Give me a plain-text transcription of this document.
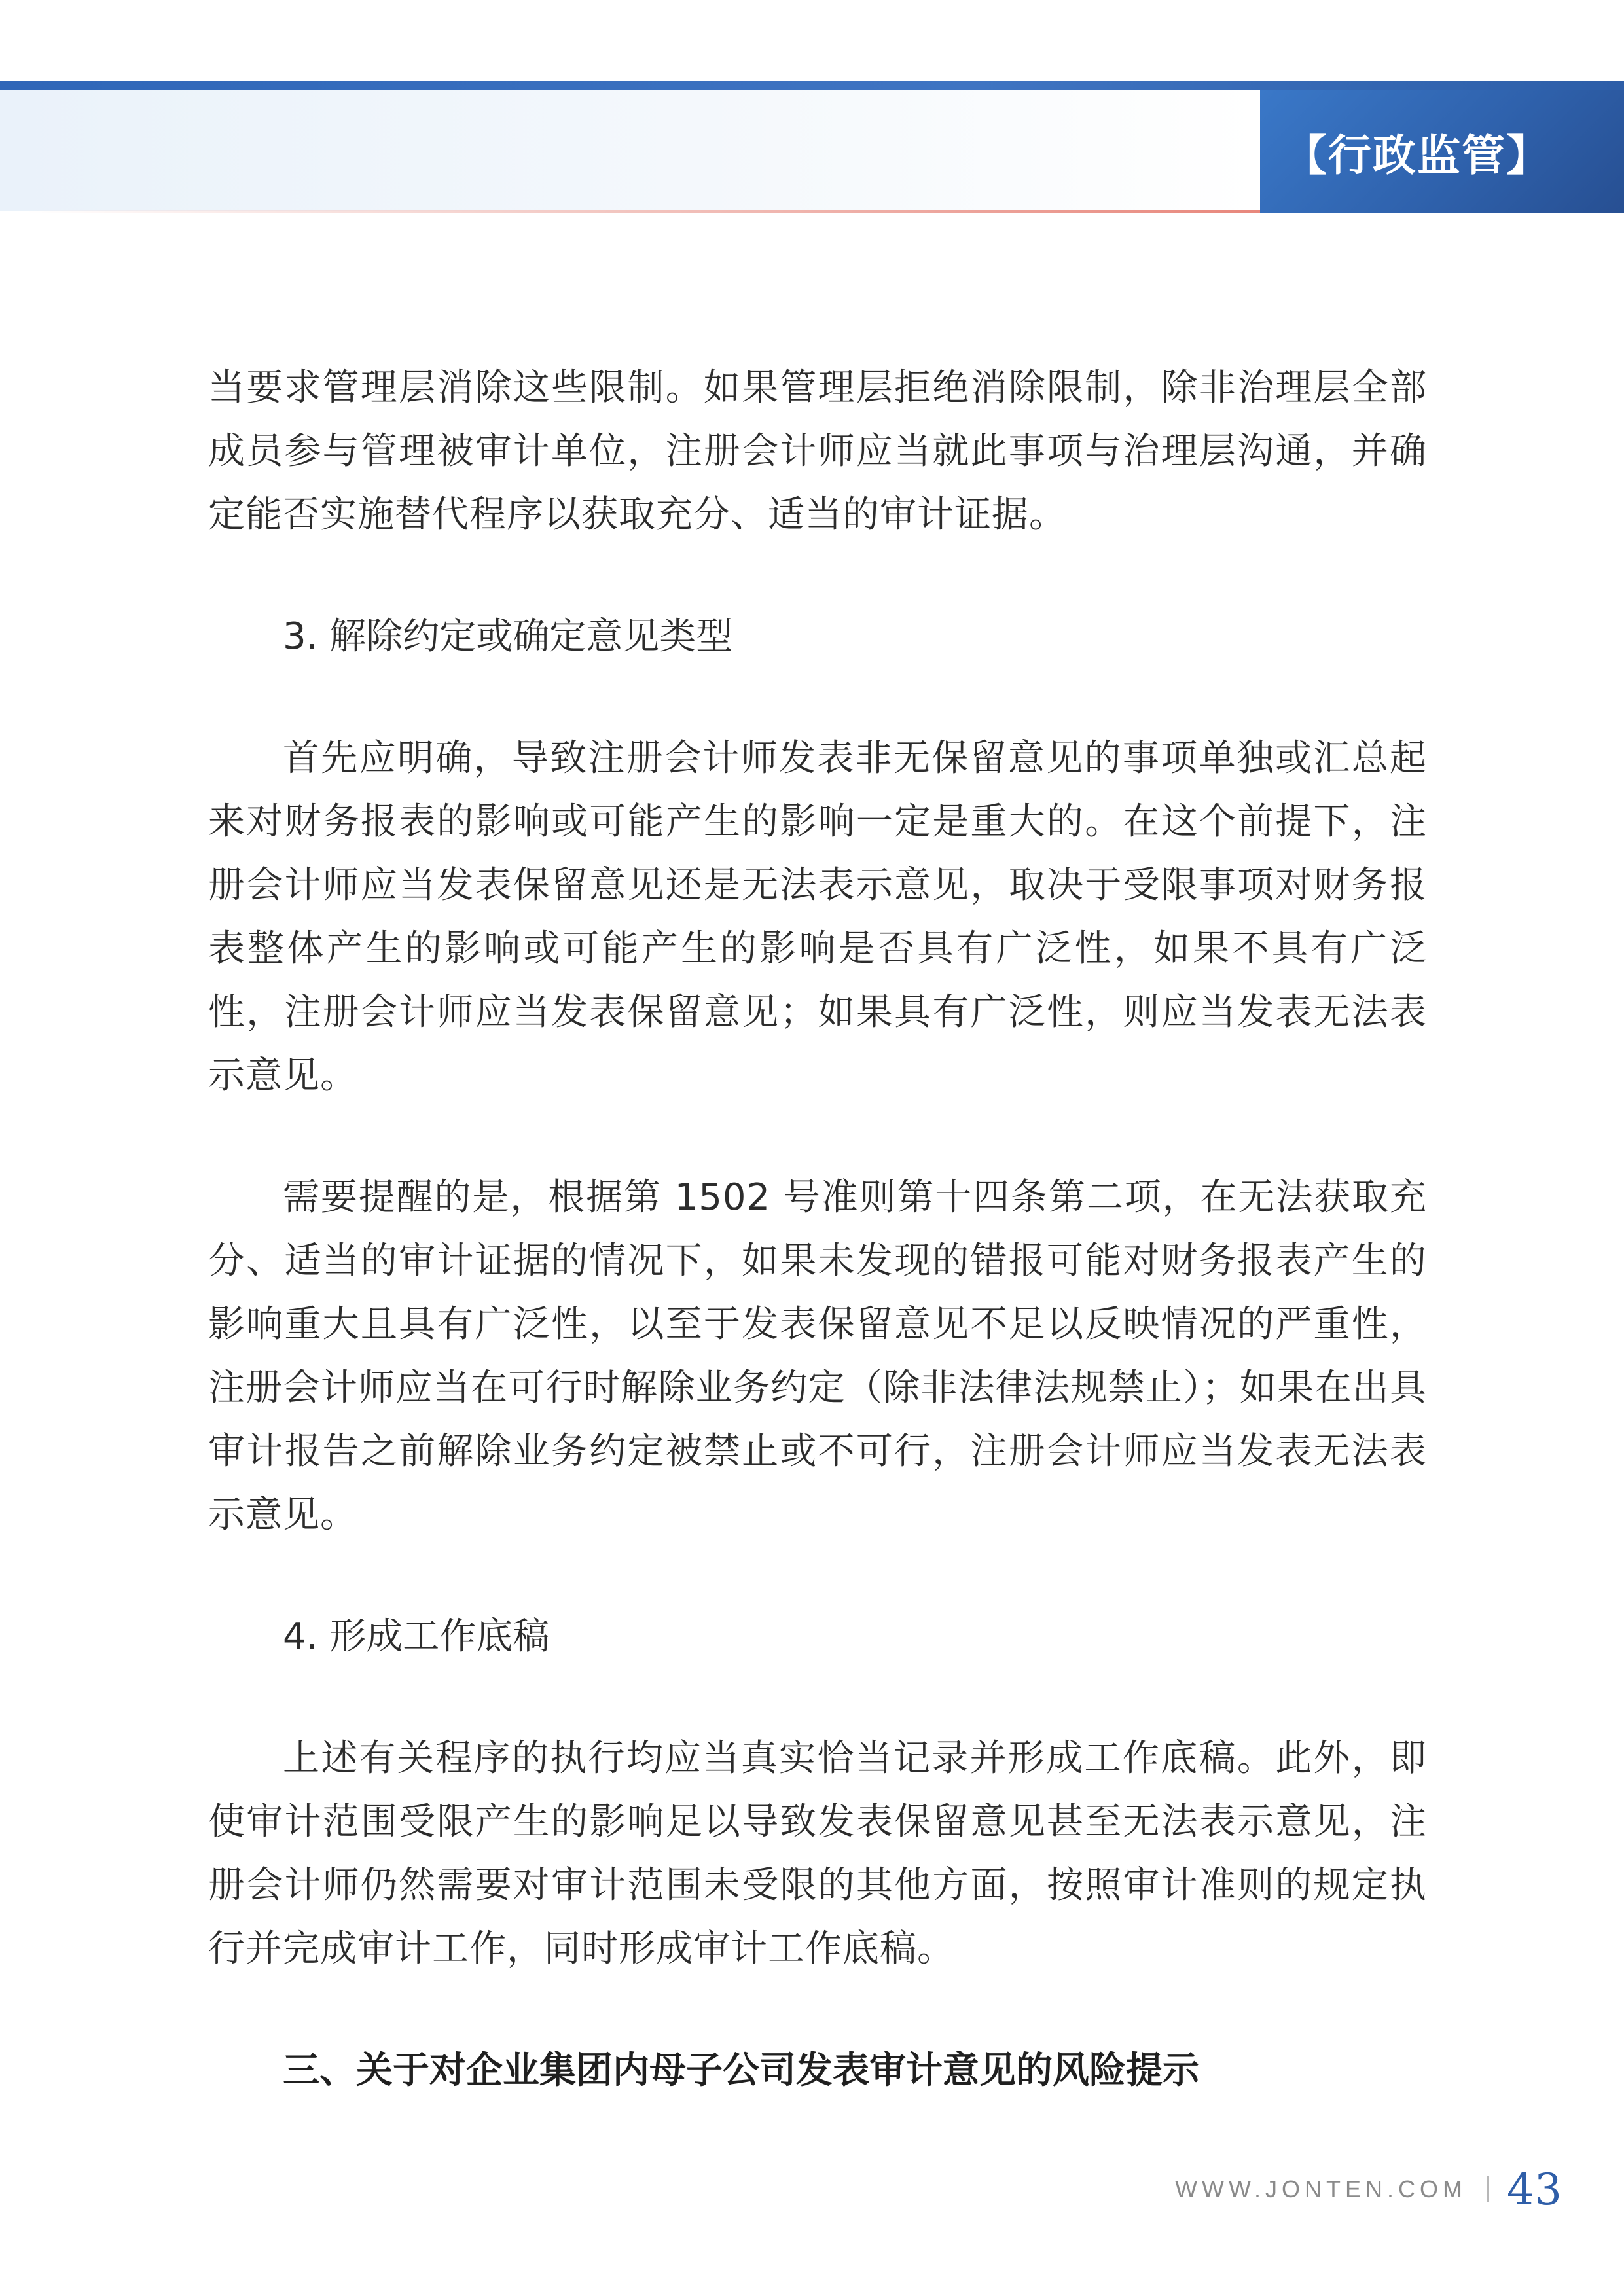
【行政监管】

当要求管理层消除这些限制。如果管理层拒绝消除限制，除非治理层全部成员参与管理被审计单位，注册会计师应当就此事项与治理层沟通，并确定能否实施替代程序以获取充分、适当的审计证据。

3. 解除约定或确定意见类型

首先应明确，导致注册会计师发表非无保留意见的事项单独或汇总起来对财务报表的影响或可能产生的影响一定是重大的。在这个前提下，注册会计师应当发表保留意见还是无法表示意见，取决于受限事项对财务报表整体产生的影响或可能产生的影响是否具有广泛性，如果不具有广泛性，注册会计师应当发表保留意见；如果具有广泛性，则应当发表无法表示意见。

需要提醒的是，根据第 1502 号准则第十四条第二项，在无法获取充分、适当的审计证据的情况下，如果未发现的错报可能对财务报表产生的影响重大且具有广泛性，以至于发表保留意见不足以反映情况的严重性，注册会计师应当在可行时解除业务约定（除非法律法规禁止）；如果在出具审计报告之前解除业务约定被禁止或不可行，注册会计师应当发表无法表示意见。

4. 形成工作底稿

上述有关程序的执行均应当真实恰当记录并形成工作底稿。此外，即使审计范围受限产生的影响足以导致发表保留意见甚至无法表示意见，注册会计师仍然需要对审计范围未受限的其他方面，按照审计准则的规定执行并完成审计工作，同时形成审计工作底稿。

三、关于对企业集团内母子公司发表审计意见的风险提示

WWW.JONTEN.COM 43
